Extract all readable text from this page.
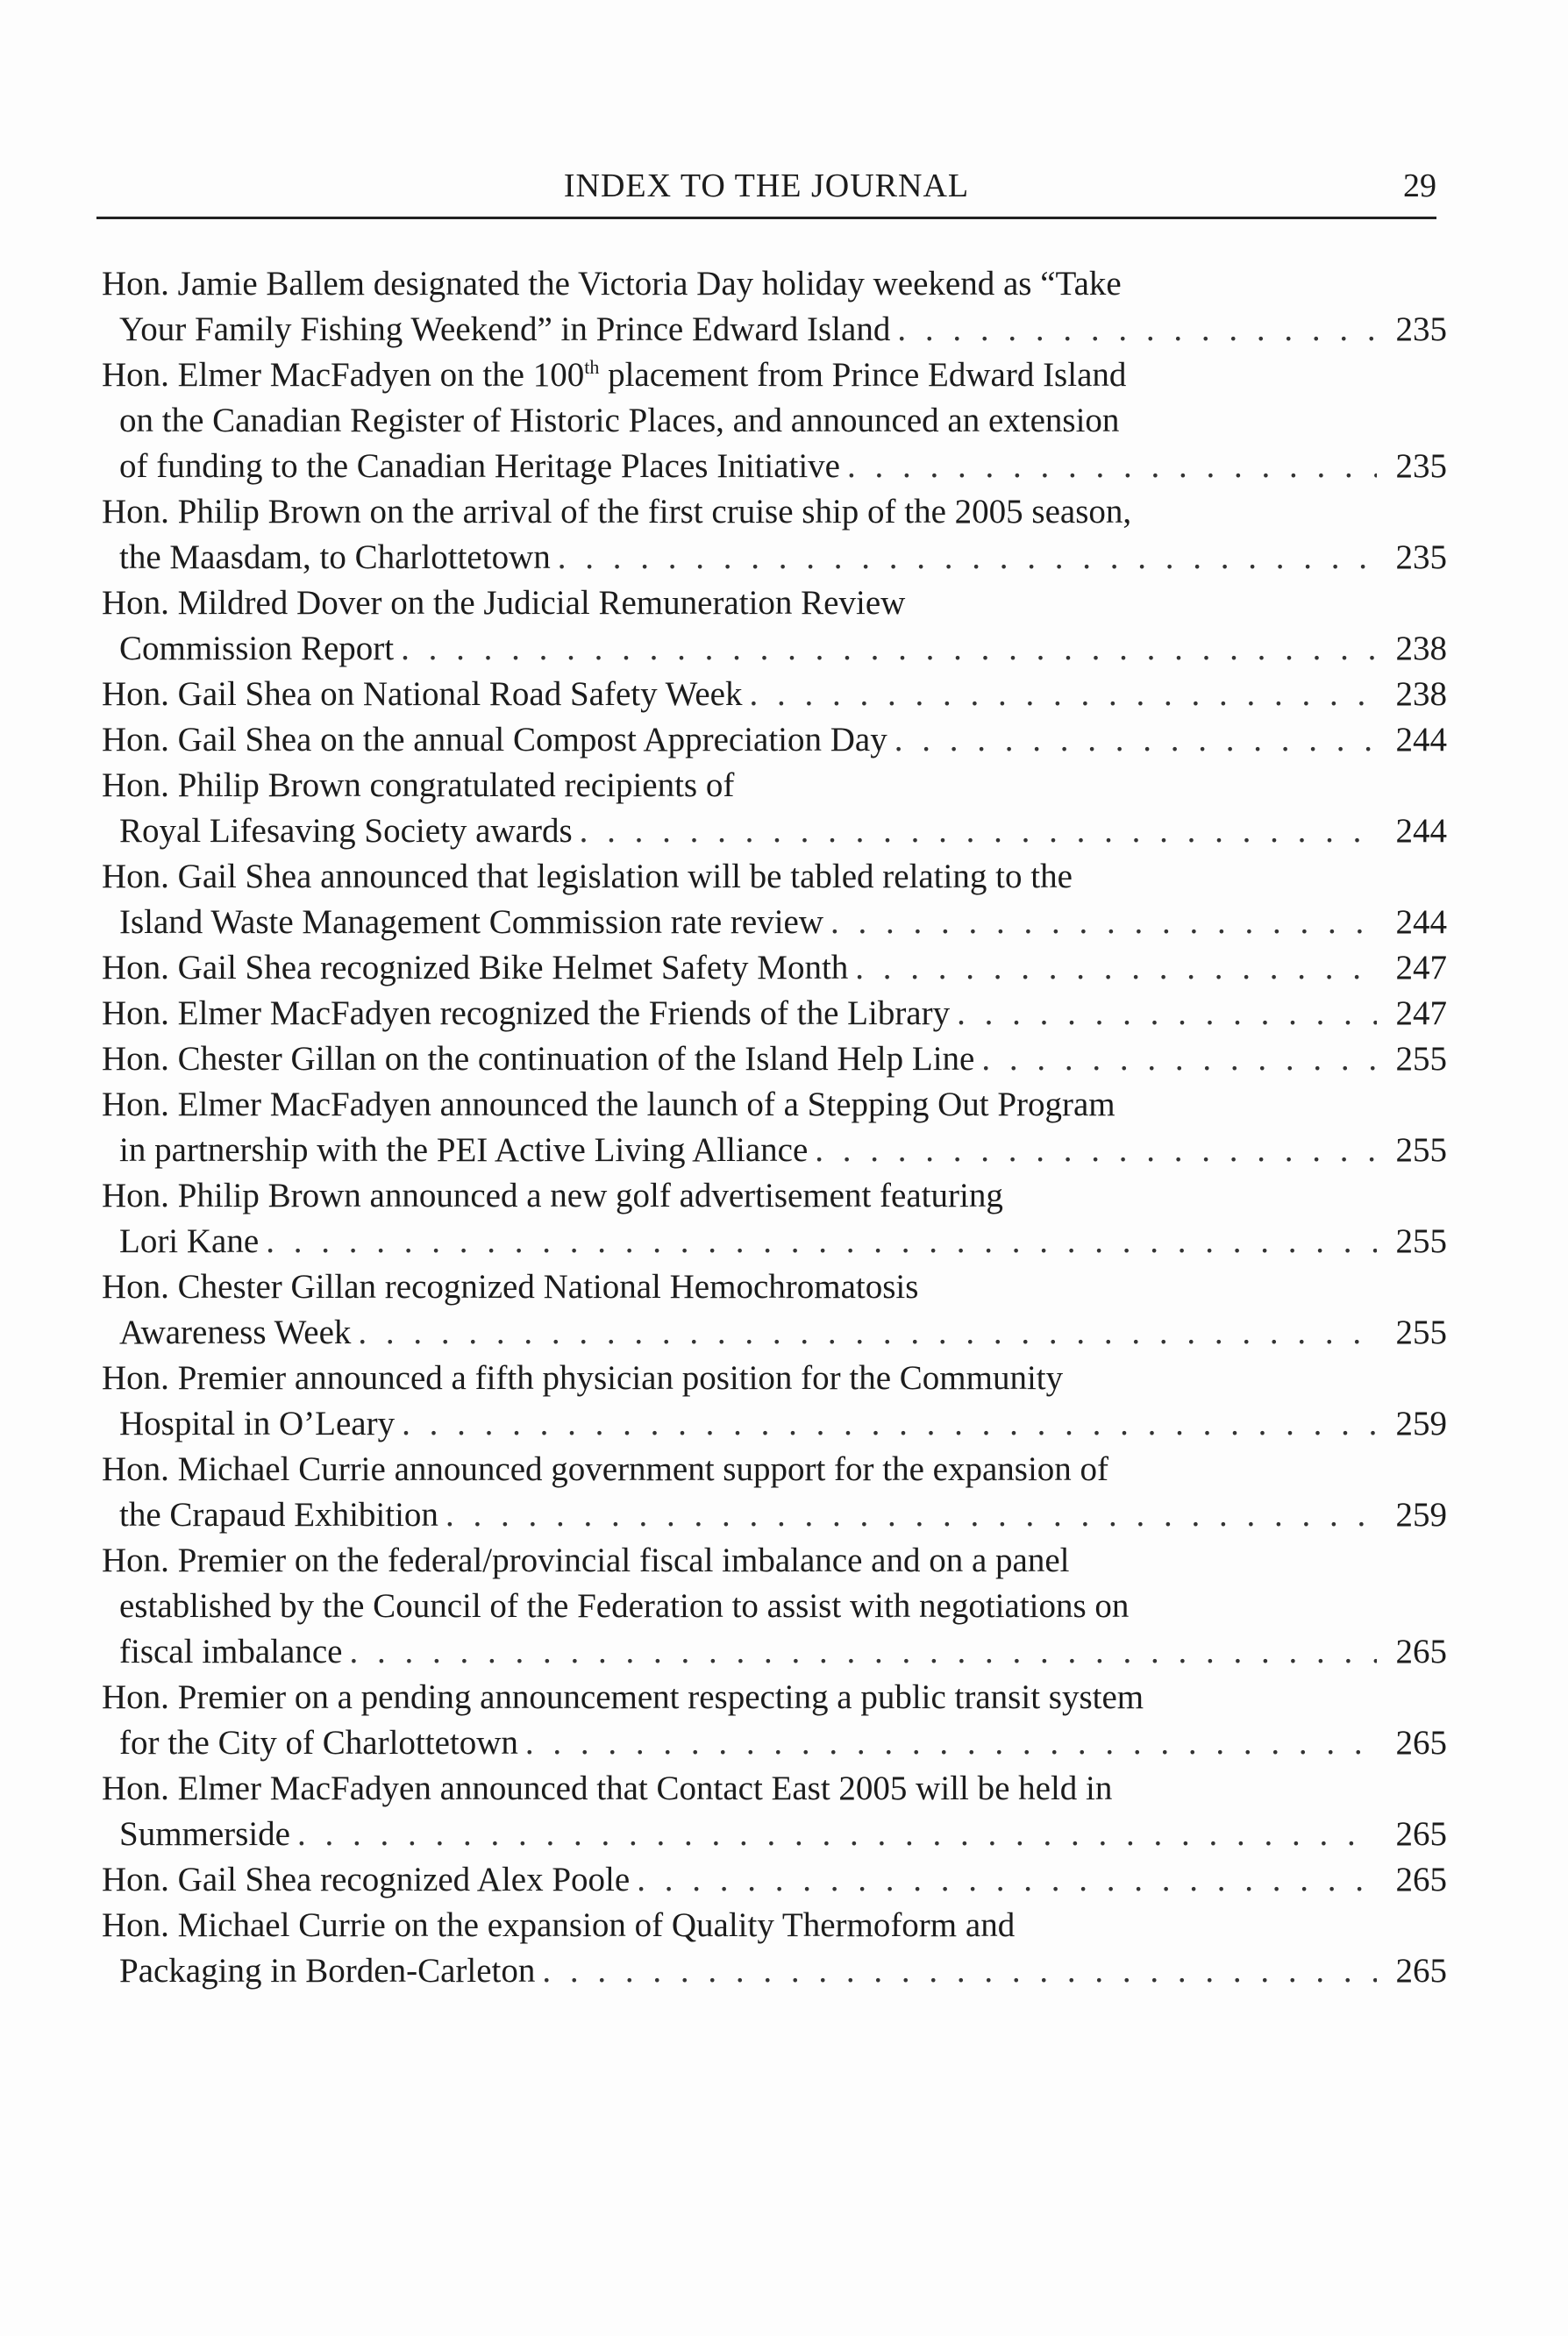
INDEX TO THE JOURNAL	29
Hon. Jamie Ballem designated the Victoria Day holiday weekend as “Take
Your Family Fishing Weekend” in Prince Edward Island . . .	235
Hon. Elmer MacFadyen on the 100th placement from Prince Edward Island
on the Canadian Register of Historic Places, and announced an extension
of funding to the Canadian Heritage Places Initiative . . .	235
Hon. Philip Brown on the arrival of the first cruise ship of the 2005 season,
the Maasdam, to Charlottetown . . .	235
Hon. Mildred Dover on the Judicial Remuneration Review
Commission Report . . .	238
Hon. Gail Shea on National Road Safety Week . . .	238
Hon. Gail Shea on the annual Compost Appreciation Day . . .	244
Hon. Philip Brown congratulated recipients of
Royal Lifesaving Society awards . . .	244
Hon. Gail Shea announced that legislation will be tabled relating to the
Island Waste Management Commission rate review . . .	244
Hon. Gail Shea recognized Bike Helmet Safety Month . . .	247
Hon. Elmer MacFadyen recognized the Friends of the Library . . .	247
Hon. Chester Gillan on the continuation of the Island Help Line . . .	255
Hon. Elmer MacFadyen announced the launch of a Stepping Out Program
in partnership with the PEI Active Living Alliance . . .	255
Hon. Philip Brown announced a new golf advertisement featuring
Lori Kane . . .	255
Hon. Chester Gillan recognized National Hemochromatosis
Awareness Week . . .	255
Hon. Premier announced a fifth physician position for the Community
Hospital in O’Leary . . .	259
Hon. Michael Currie announced government support for the expansion of
the Crapaud Exhibition . . .	259
Hon. Premier on the federal/provincial fiscal imbalance and on a panel
established by the Council of the Federation to assist with negotiations on
fiscal imbalance . . .	265
Hon. Premier on a pending announcement respecting a public transit system
for the City of Charlottetown . . .	265
Hon. Elmer MacFadyen announced that Contact East 2005 will be held in
Summerside . . .	265
Hon. Gail Shea recognized Alex Poole . . .	265
Hon. Michael Currie on the expansion of Quality Thermoform and
Packaging in Borden-Carleton . . .	265
